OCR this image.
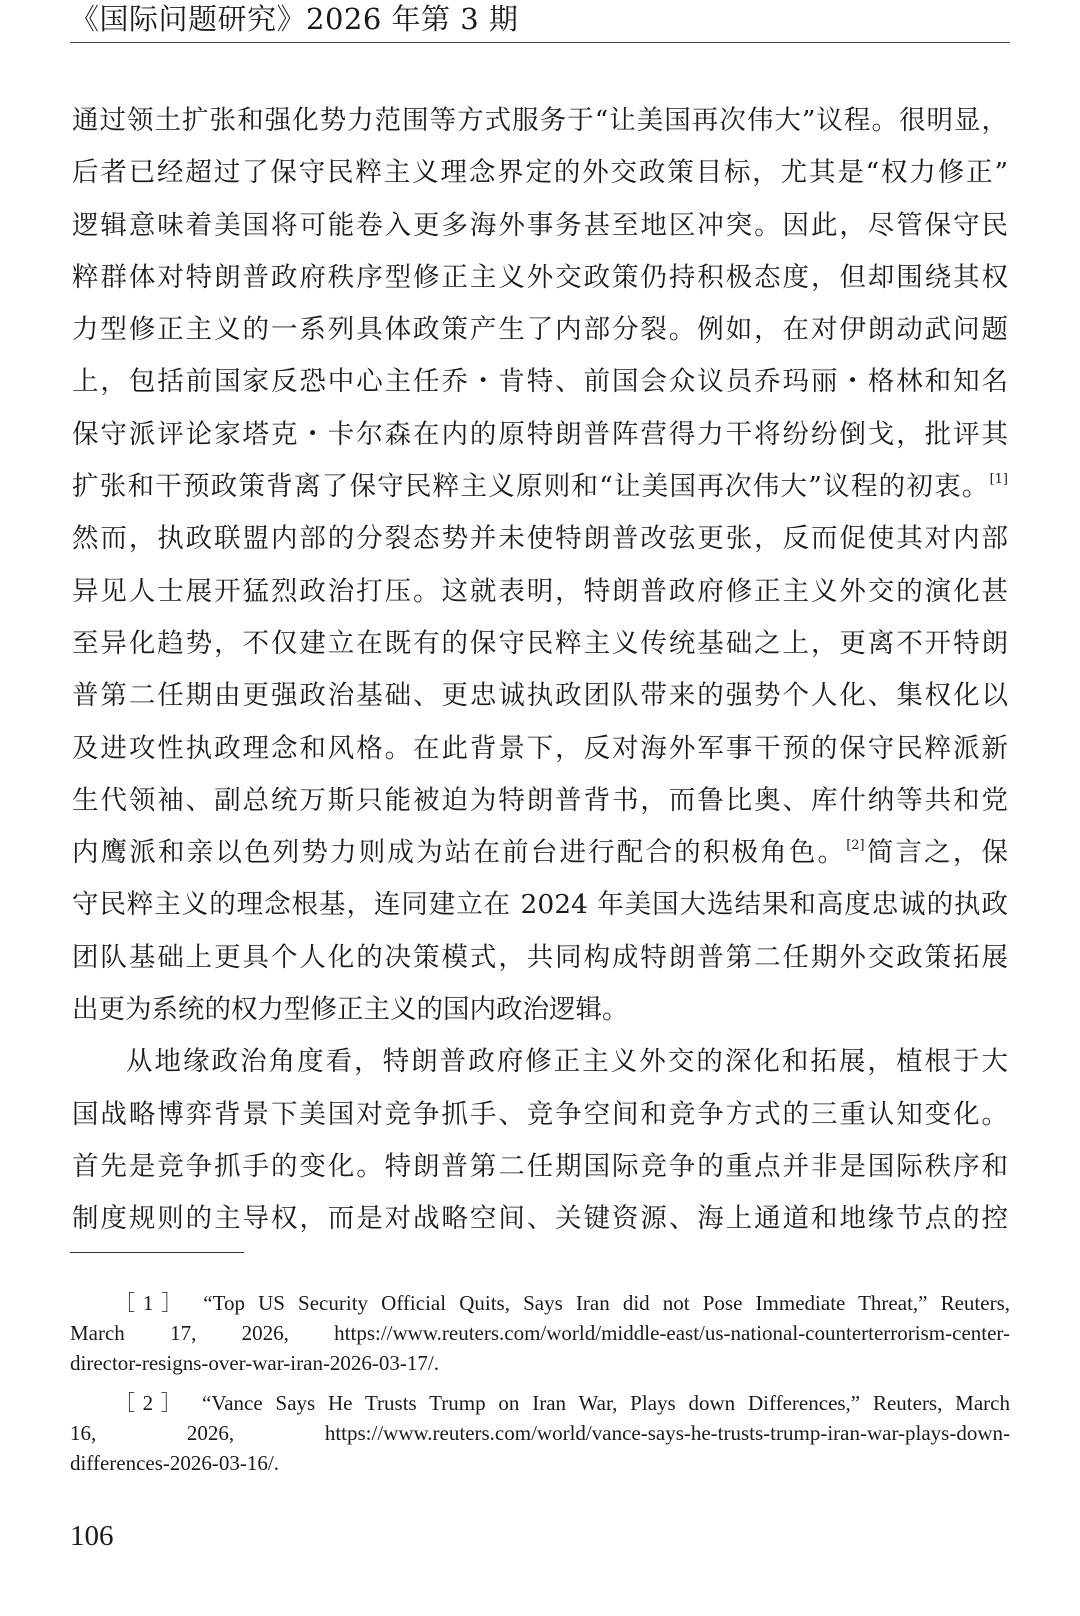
《国际问题研究》2026 年第 3 期
通过领土扩张和强化势力范围等方式服务于“让美国再次伟大”议程。很明显，
后者已经超过了保守民粹主义理念界定的外交政策目标，尤其是“权力修正”
逻辑意味着美国将可能卷入更多海外事务甚至地区冲突。因此，尽管保守民
粹群体对特朗普政府秩序型修正主义外交政策仍持积极态度，但却围绕其权
力型修正主义的一系列具体政策产生了内部分裂。例如，在对伊朗动武问题
上，包括前国家反恐中心主任乔・肯特、前国会众议员乔玛丽・格林和知名
保守派评论家塔克・卡尔森在内的原特朗普阵营得力干将纷纷倒戈，批评其
扩张和干预政策背离了保守民粹主义原则和“让美国再次伟大”议程的初衷。[1]
然而，执政联盟内部的分裂态势并未使特朗普改弦更张，反而促使其对内部
异见人士展开猛烈政治打压。这就表明，特朗普政府修正主义外交的演化甚
至异化趋势，不仅建立在既有的保守民粹主义传统基础之上，更离不开特朗
普第二任期由更强政治基础、更忠诚执政团队带来的强势个人化、集权化以
及进攻性执政理念和风格。在此背景下，反对海外军事干预的保守民粹派新
生代领袖、副总统万斯只能被迫为特朗普背书，而鲁比奥、库什纳等共和党
内鹰派和亲以色列势力则成为站在前台进行配合的积极角色。[2]简言之，保
守民粹主义的理念根基，连同建立在 2024 年美国大选结果和高度忠诚的执政
团队基础上更具个人化的决策模式，共同构成特朗普第二任期外交政策拓展
出更为系统的权力型修正主义的国内政治逻辑。
从地缘政治角度看，特朗普政府修正主义外交的深化和拓展，植根于大
国战略博弈背景下美国对竞争抓手、竞争空间和竞争方式的三重认知变化。
首先是竞争抓手的变化。特朗普第二任期国际竞争的重点并非是国际秩序和
制度规则的主导权，而是对战略空间、关键资源、海上通道和地缘节点的控
［1］ “Top US Security Official Quits, Says Iran did not Pose Immediate Threat,” Reuters,
March 17, 2026, https://www.reuters.com/world/middle-east/us-national-counterterrorism-center-
director-resigns-over-war-iran-2026-03-17/.
［2］ “Vance Says He Trusts Trump on Iran War, Plays down Differences,” Reuters, March
16, 2026, https://www.reuters.com/world/vance-says-he-trusts-trump-iran-war-plays-down-
differences-2026-03-16/.
106
